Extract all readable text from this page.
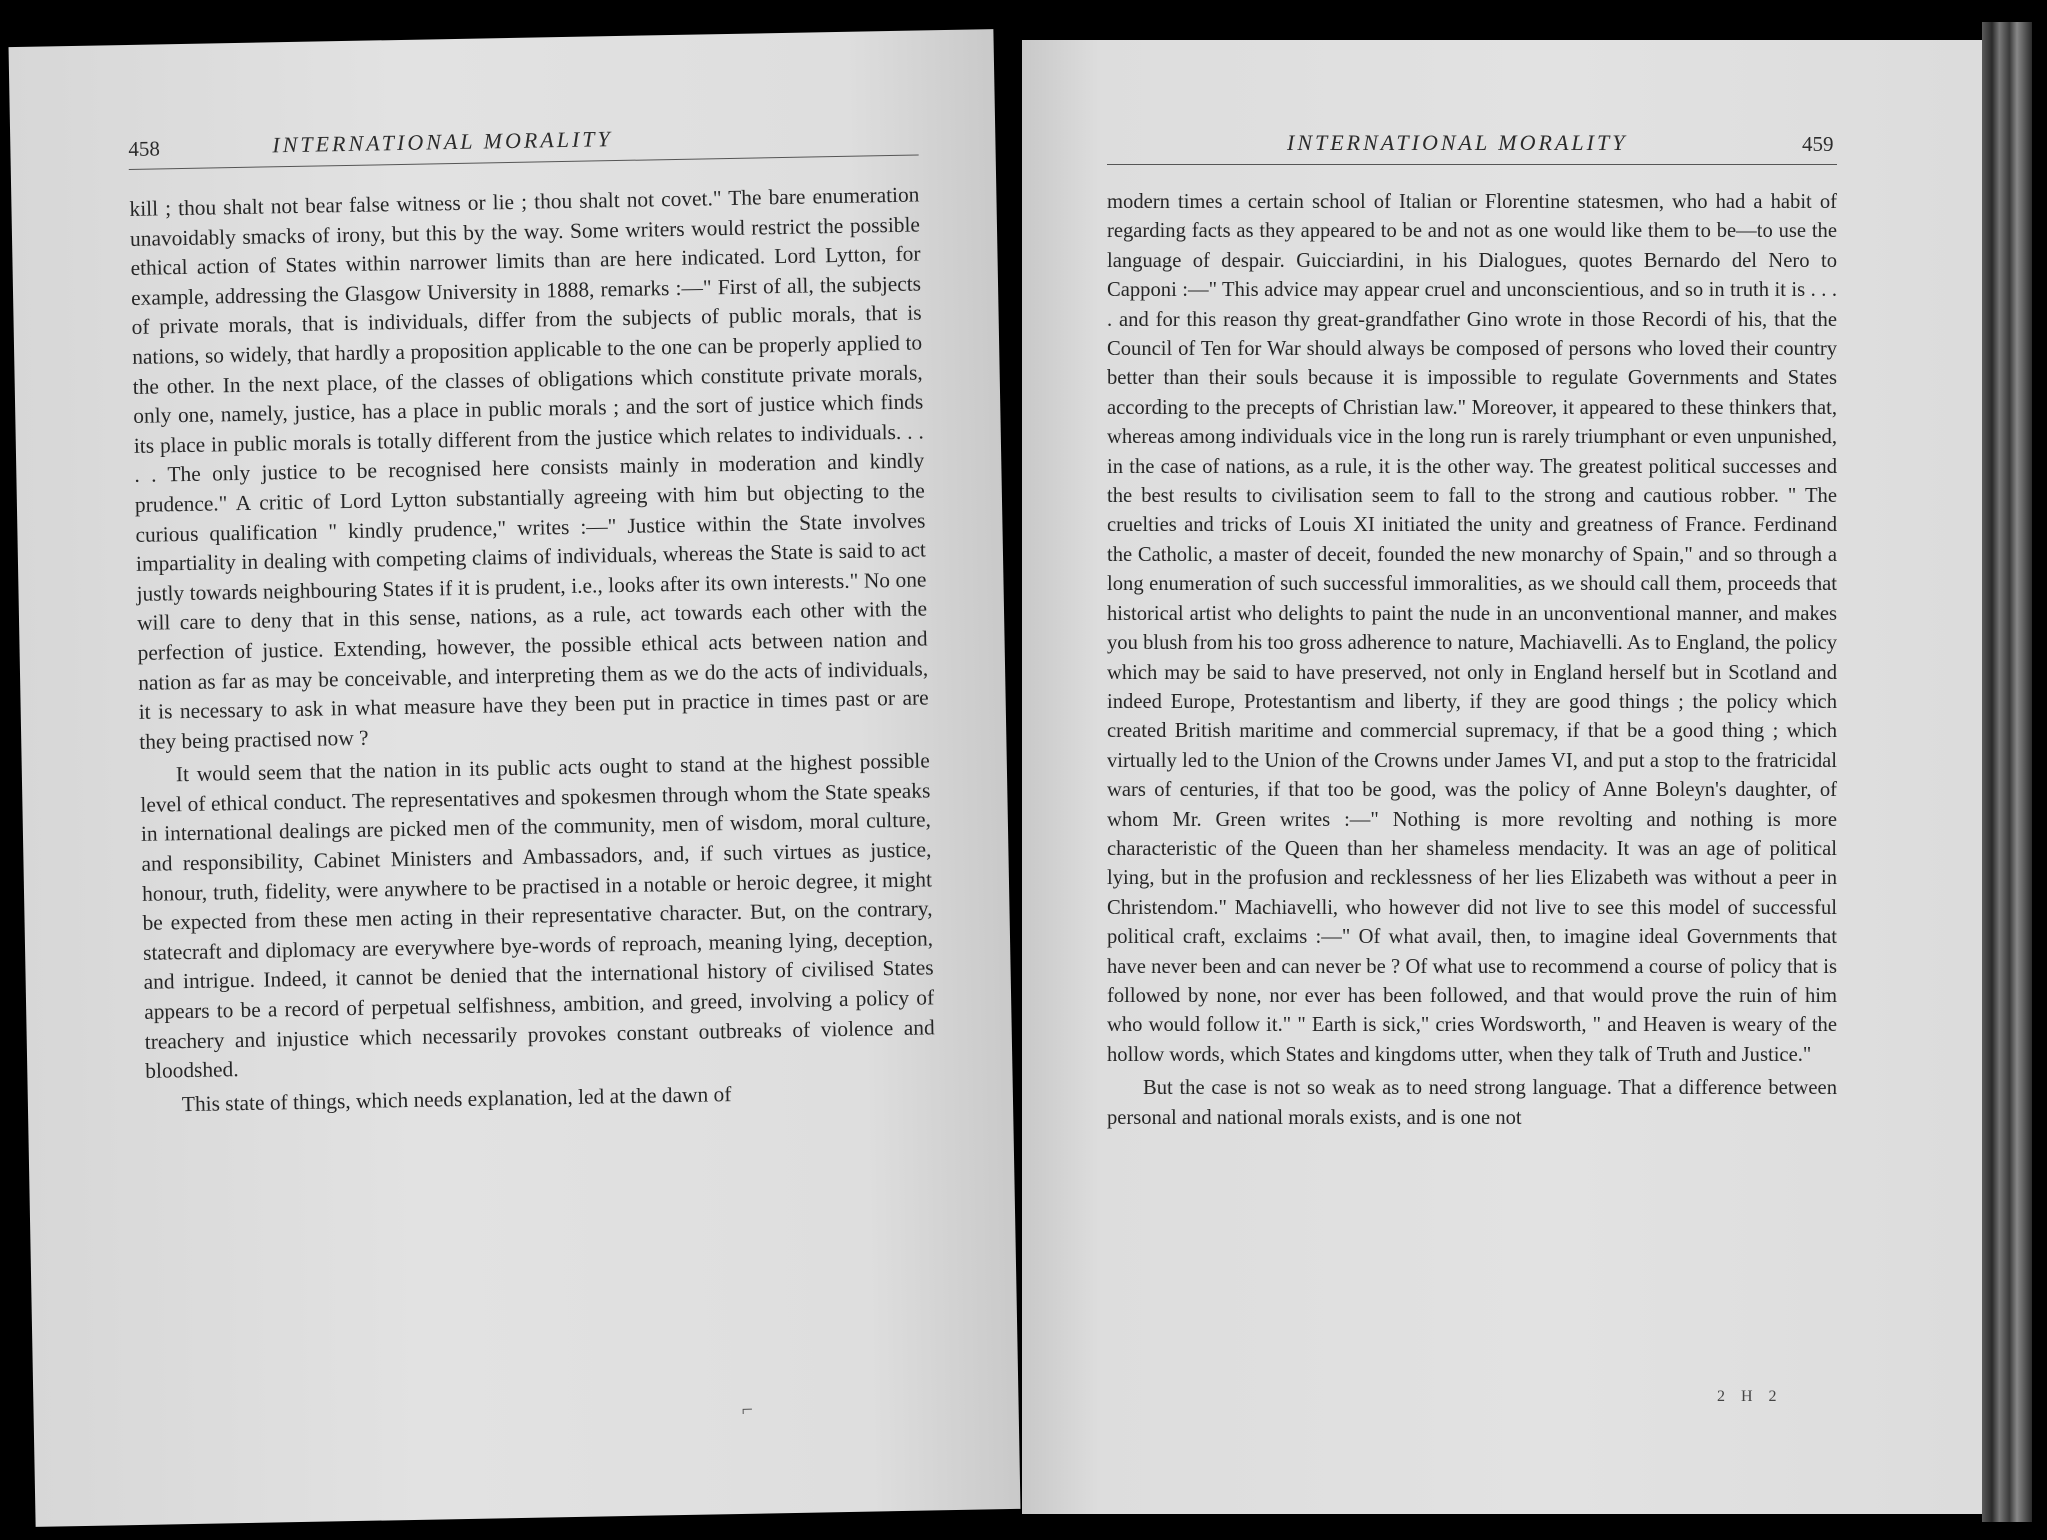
458	INTERNATIONAL MORALITY

kill ; thou shalt not bear false witness or lie ; thou shalt not covet." The bare enumeration unavoidably smacks of irony, but this by the way. Some writers would restrict the possible ethical action of States within narrower limits than are here indicated. Lord Lytton, for example, addressing the Glasgow University in 1888, remarks :—" First of all, the subjects of private morals, that is individuals, differ from the subjects of public morals, that is nations, so widely, that hardly a proposition applicable to the one can be properly applied to the other. In the next place, of the classes of obligations which constitute private morals, only one, namely, justice, has a place in public morals ; and the sort of justice which finds its place in public morals is totally different from the justice which relates to individuals. . . . . The only justice to be recognised here consists mainly in moderation and kindly prudence." A critic of Lord Lytton substantially agreeing with him but objecting to the curious qualification " kindly prudence," writes :—" Justice within the State involves impartiality in dealing with competing claims of individuals, whereas the State is said to act justly towards neighbouring States if it is prudent, i.e., looks after its own interests." No one will care to deny that in this sense, nations, as a rule, act towards each other with the perfection of justice. Extending, however, the possible ethical acts between nation and nation as far as may be conceivable, and interpreting them as we do the acts of individuals, it is necessary to ask in what measure have they been put in practice in times past or are they being practised now ?

It would seem that the nation in its public acts ought to stand at the highest possible level of ethical conduct. The representatives and spokesmen through whom the State speaks in international dealings are picked men of the community, men of wisdom, moral culture, and responsibility, Cabinet Ministers and Ambassadors, and, if such virtues as justice, honour, truth, fidelity, were anywhere to be practised in a notable or heroic degree, it might be expected from these men acting in their representative character. But, on the contrary, statecraft and diplomacy are everywhere bye-words of reproach, meaning lying, deception, and intrigue. Indeed, it cannot be denied that the international history of civilised States appears to be a record of perpetual selfishness, ambition, and greed, involving a policy of treachery and injustice which necessarily provokes constant outbreaks of violence and bloodshed.

This state of things, which needs explanation, led at the dawn of

⌐
INTERNATIONAL MORALITY	459

modern times a certain school of Italian or Florentine statesmen, who had a habit of regarding facts as they appeared to be and not as one would like them to be—to use the language of despair. Guicciardini, in his Dialogues, quotes Bernardo del Nero to Capponi :—" This advice may appear cruel and unconscientious, and so in truth it is . . . . and for this reason thy great-grandfather Gino wrote in those Recordi of his, that the Council of Ten for War should always be composed of persons who loved their country better than their souls because it is impossible to regulate Governments and States according to the precepts of Christian law." Moreover, it appeared to these thinkers that, whereas among individuals vice in the long run is rarely triumphant or even unpunished, in the case of nations, as a rule, it is the other way. The greatest political successes and the best results to civilisation seem to fall to the strong and cautious robber. " The cruelties and tricks of Louis XI initiated the unity and greatness of France. Ferdinand the Catholic, a master of deceit, founded the new monarchy of Spain," and so through a long enumeration of such successful immoralities, as we should call them, proceeds that historical artist who delights to paint the nude in an unconventional manner, and makes you blush from his too gross adherence to nature, Machiavelli. As to England, the policy which may be said to have preserved, not only in England herself but in Scotland and indeed Europe, Protestantism and liberty, if they are good things ; the policy which created British maritime and commercial supremacy, if that be a good thing ; which virtually led to the Union of the Crowns under James VI, and put a stop to the fratricidal wars of centuries, if that too be good, was the policy of Anne Boleyn's daughter, of whom Mr. Green writes :—" Nothing is more revolting and nothing is more characteristic of the Queen than her shameless mendacity. It was an age of political lying, but in the profusion and recklessness of her lies Elizabeth was without a peer in Christendom." Machiavelli, who however did not live to see this model of successful political craft, exclaims :—" Of what avail, then, to imagine ideal Governments that have never been and can never be ? Of what use to recommend a course of policy that is followed by none, nor ever has been followed, and that would prove the ruin of him who would follow it." " Earth is sick," cries Wordsworth, " and Heaven is weary of the hollow words, which States and kingdoms utter, when they talk of Truth and Justice."

But the case is not so weak as to need strong language. That a difference between personal and national morals exists, and is one not

2 H 2
